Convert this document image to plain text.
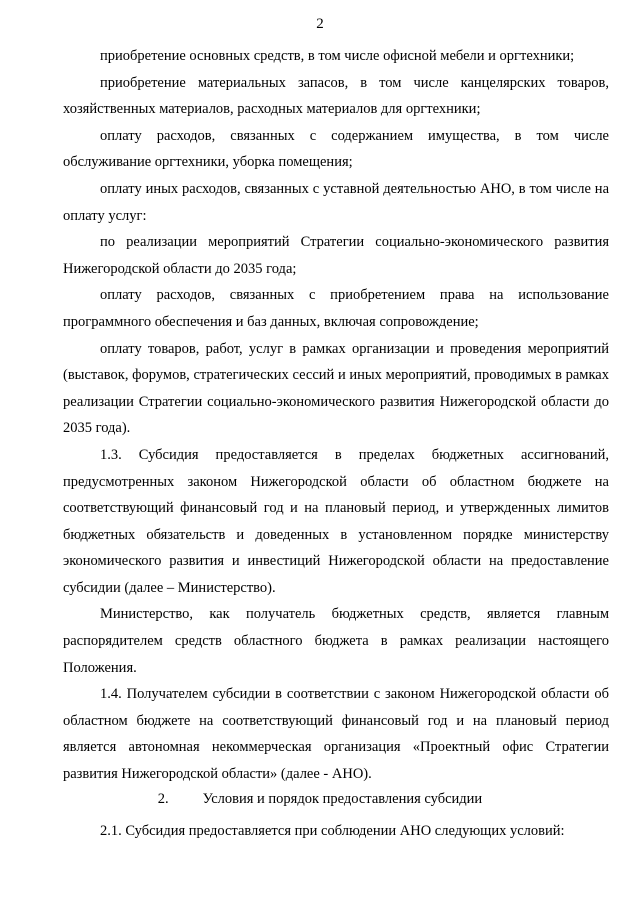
2

приобретение основных средств, в том числе офисной мебели и оргтехники;

приобретение материальных запасов, в том числе канцелярских товаров, хозяйственных материалов, расходных материалов для оргтехники;

оплату расходов, связанных с содержанием имущества, в том числе обслуживание оргтехники, уборка помещения;

оплату иных расходов, связанных с уставной деятельностью АНО, в том числе на оплату услуг:

по реализации мероприятий Стратегии социально-экономического развития Нижегородской области до 2035 года;

оплату расходов, связанных с приобретением права на использование программного обеспечения и баз данных, включая сопровождение;

оплату товаров, работ, услуг в рамках организации и проведения мероприятий (выставок, форумов, стратегических сессий и иных мероприятий, проводимых в рамках реализации Стратегии социально-экономического развития Нижегородской области до 2035 года).

1.3. Субсидия предоставляется в пределах бюджетных ассигнований, предусмотренных законом Нижегородской области об областном бюджете на соответствующий финансовый год и на плановый период, и утвержденных лимитов бюджетных обязательств и доведенных в установленном порядке министерству экономического развития и инвестиций Нижегородской области на предоставление субсидии (далее – Министерство).

Министерство, как получатель бюджетных средств, является главным распорядителем средств областного бюджета в рамках реализации настоящего Положения.

1.4. Получателем субсидии в соответствии с законом Нижегородской области об областном бюджете на соответствующий финансовый год и на плановый период является автономная некоммерческая организация «Проектный офис Стратегии развития Нижегородской области» (далее - АНО).

2. Условия и порядок предоставления субсидии

2.1. Субсидия предоставляется при соблюдении АНО следующих условий:
